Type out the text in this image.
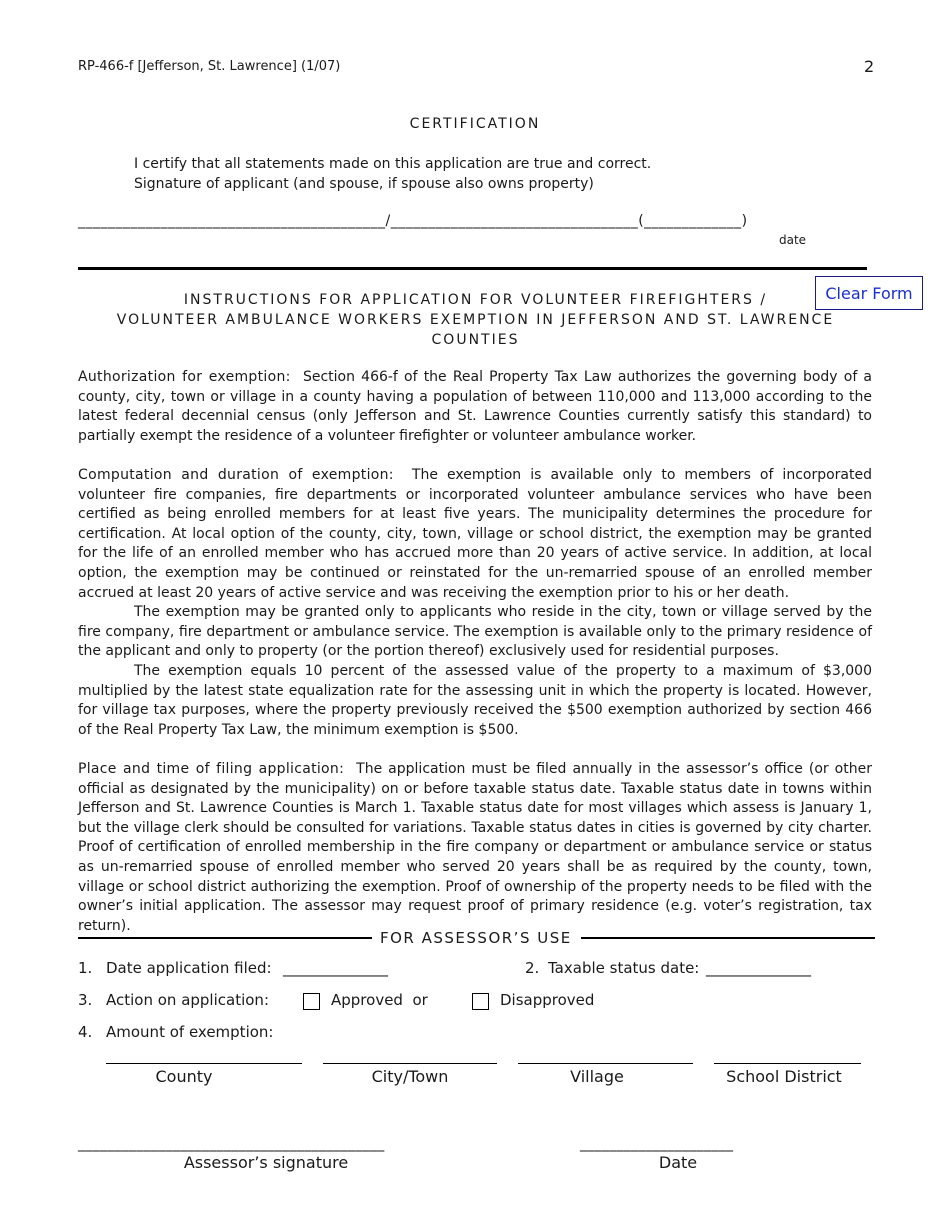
RP-466-f [Jefferson, St. Lawrence] (1/07)	2
CERTIFICATION
I certify that all statements made on this application are true and correct.
Signature of applicant (and spouse, if spouse also owns property)
_________________________________________/_________________________________(_____________)
date
Clear Form
INSTRUCTIONS FOR APPLICATION FOR VOLUNTEER FIREFIGHTERS /
VOLUNTEER AMBULANCE WORKERS EXEMPTION IN JEFFERSON AND ST. LAWRENCE
COUNTIES

Authorization for exemption: Section 466-f of the Real Property Tax Law authorizes the governing body of a county, city, town or village in a county having a population of between 110,000 and 113,000 according to the latest federal decennial census (only Jefferson and St. Lawrence Counties currently satisfy this standard) to partially exempt the residence of a volunteer firefighter or volunteer ambulance worker.

Computation and duration of exemption: The exemption is available only to members of incorporated volunteer fire companies, fire departments or incorporated volunteer ambulance services who have been certified as being enrolled members for at least five years. The municipality determines the procedure for certification. At local option of the county, city, town, village or school district, the exemption may be granted for the life of an enrolled member who has accrued more than 20 years of active service. In addition, at local option, the exemption may be continued or reinstated for the un-remarried spouse of an enrolled member accrued at least 20 years of active service and was receiving the exemption prior to his or her death.

The exemption may be granted only to applicants who reside in the city, town or village served by the fire company, fire department or ambulance service. The exemption is available only to the primary residence of the applicant and only to property (or the portion thereof) exclusively used for residential purposes.

The exemption equals 10 percent of the assessed value of the property to a maximum of $3,000 multiplied by the latest state equalization rate for the assessing unit in which the property is located. However, for village tax purposes, where the property previously received the $500 exemption authorized by section 466 of the Real Property Tax Law, the minimum exemption is $500.

Place and time of filing application: The application must be filed annually in the assessor’s office (or other official as designated by the municipality) on or before taxable status date. Taxable status date in towns within Jefferson and St. Lawrence Counties is March 1. Taxable status date for most villages which assess is January 1, but the village clerk should be consulted for variations. Taxable status dates in cities is governed by city charter. Proof of certification of enrolled membership in the fire company or department or ambulance service or status as un-remarried spouse of enrolled member who served 20 years shall be as required by the county, town, village or school district authorizing the exemption. Proof of ownership of the property needs to be filed with the owner’s initial application. The assessor may request proof of primary residence (e.g. voter’s registration, tax return).

FOR ASSESSOR’S USE
1. Date application filed: ______________	2. Taxable status date: ______________
3. Action on application:	Approved  or	Disapproved
4. Amount of exemption:
County	City/Town	Village	School District
__________________________________________
Assessor’s signature
_____________________
Date
